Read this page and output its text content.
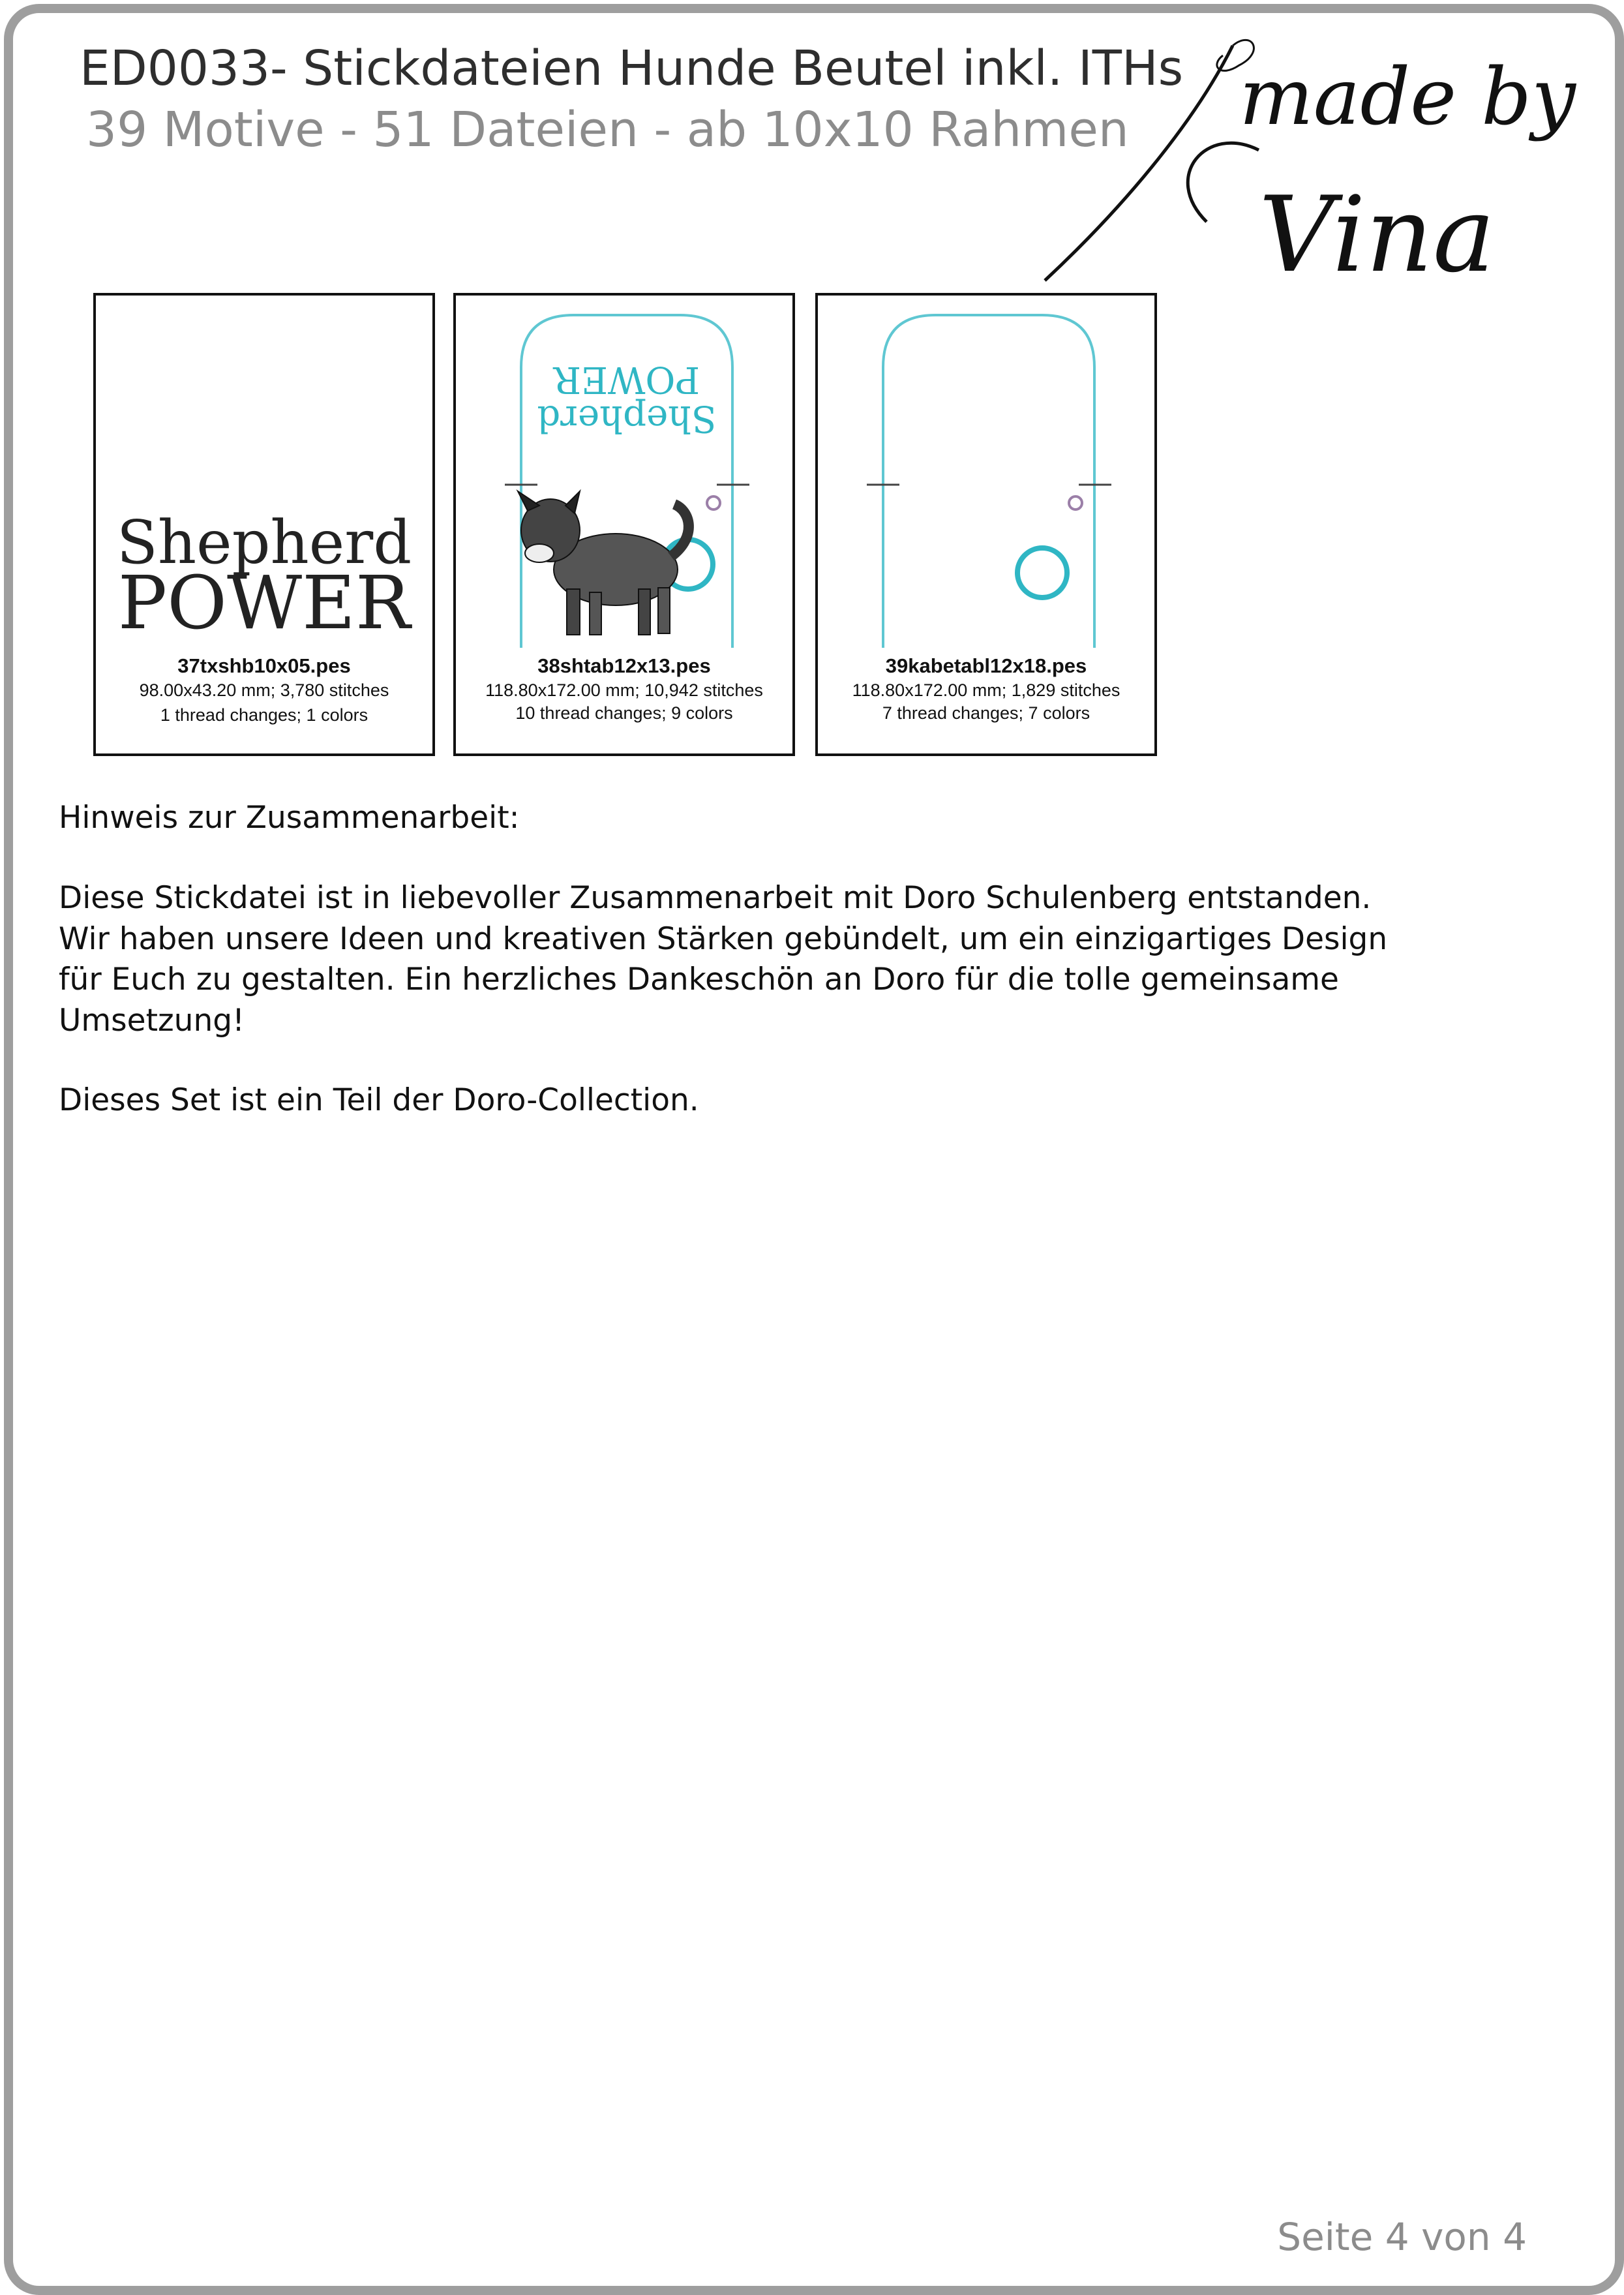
ED0033- Stickdateien Hunde Beutel inkl. ITHs
39 Motive - 51 Dateien - ab 10x10 Rahmen made by
Vina
Shepherd
POWER
37txshb10x05.pes
98.00x43.20 mm; 3,780 stitches
1 thread changes; 1 colors
Shepherd
POWER
38shtab12x13.pes
118.80x172.00 mm; 10,942 stitches
10 thread changes; 9 colors
39kabetabl12x18.pes
118.80x172.00 mm; 1,829 stitches
7 thread changes; 7 colors
Hinweis zur Zusammenarbeit:
Diese Stickdatei ist in liebevoller Zusammenarbeit mit Doro Schulenberg entstanden.
Wir haben unsere Ideen und kreativen Stärken gebündelt, um ein einzigartiges Design
für Euch zu gestalten. Ein herzliches Dankeschön an Doro für die tolle gemeinsame
Umsetzung!
Dieses Set ist ein Teil der Doro-Collection.
Seite 4 von 4
